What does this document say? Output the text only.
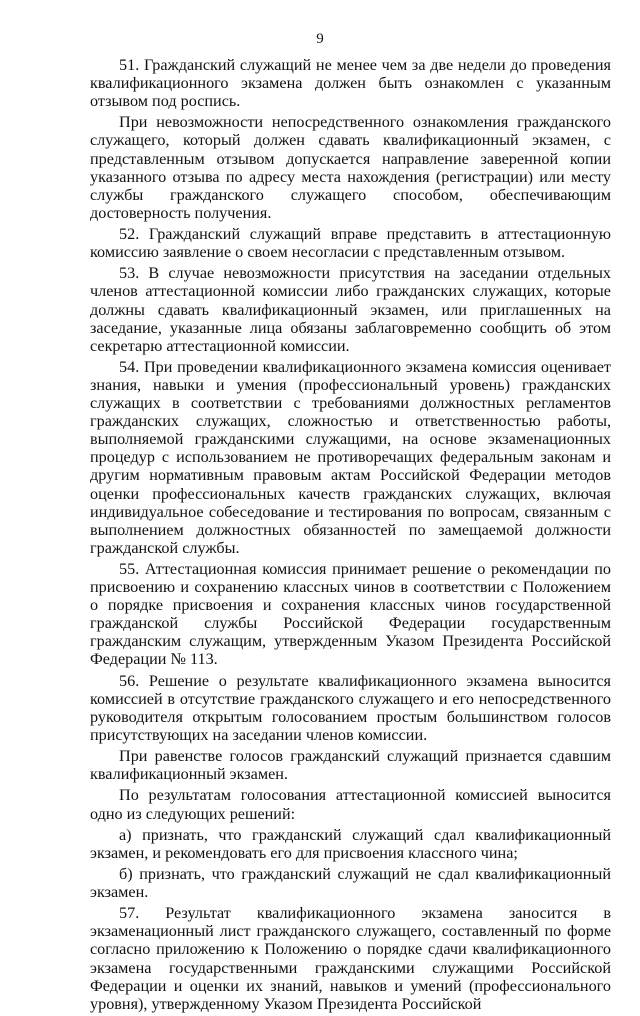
9

51. Гражданский служащий не менее чем за две недели до проведения квалификационного экзамена должен быть ознакомлен с указанным отзывом под роспись.

При невозможности непосредственного ознакомления гражданского служащего, который должен сдавать квалификационный экзамен, с представленным отзывом допускается направление заверенной копии указанного отзыва по адресу места нахождения (регистрации) или месту службы гражданского служащего способом, обеспечивающим достоверность получения.

52. Гражданский служащий вправе представить в аттестационную комиссию заявление о своем несогласии с представленным отзывом.

53. В случае невозможности присутствия на заседании отдельных членов аттестационной комиссии либо гражданских служащих, которые должны сдавать квалификационный экзамен, или приглашенных на заседание, указанные лица обязаны заблаговременно сообщить об этом секретарю аттестационной комиссии.

54. При проведении квалификационного экзамена комиссия оценивает знания, навыки и умения (профессиональный уровень) гражданских служащих в соответствии с требованиями должностных регламентов гражданских служащих, сложностью и ответственностью работы, выполняемой гражданскими служащими, на основе экзаменационных процедур с использованием не противоречащих федеральным законам и другим нормативным правовым актам Российской Федерации методов оценки профессиональных качеств гражданских служащих, включая индивидуальное собеседование и тестирования по вопросам, связанным с выполнением должностных обязанностей по замещаемой должности гражданской службы.

55. Аттестационная комиссия принимает решение о рекомендации по присвоению и сохранению классных чинов в соответствии с Положением о порядке присвоения и сохранения классных чинов государственной гражданской службы Российской Федерации государственным гражданским служащим, утвержденным Указом Президента Российской Федерации № 113.

56. Решение о результате квалификационного экзамена выносится комиссией в отсутствие гражданского служащего и его непосредственного руководителя открытым голосованием простым большинством голосов присутствующих на заседании членов комиссии.

При равенстве голосов гражданский служащий признается сдавшим квалификационный экзамен.

По результатам голосования аттестационной комиссией выносится одно из следующих решений:

а) признать, что гражданский служащий сдал квалификационный экзамен, и рекомендовать его для присвоения классного чина;

б) признать, что гражданский служащий не сдал квалификационный экзамен.

57. Результат квалификационного экзамена заносится в экзаменационный лист гражданского служащего, составленный по форме согласно приложению к Положению о порядке сдачи квалификационного экзамена государственными гражданскими служащими Российской Федерации и оценки их знаний, навыков и умений (профессионального уровня), утвержденному Указом Президента Российской
